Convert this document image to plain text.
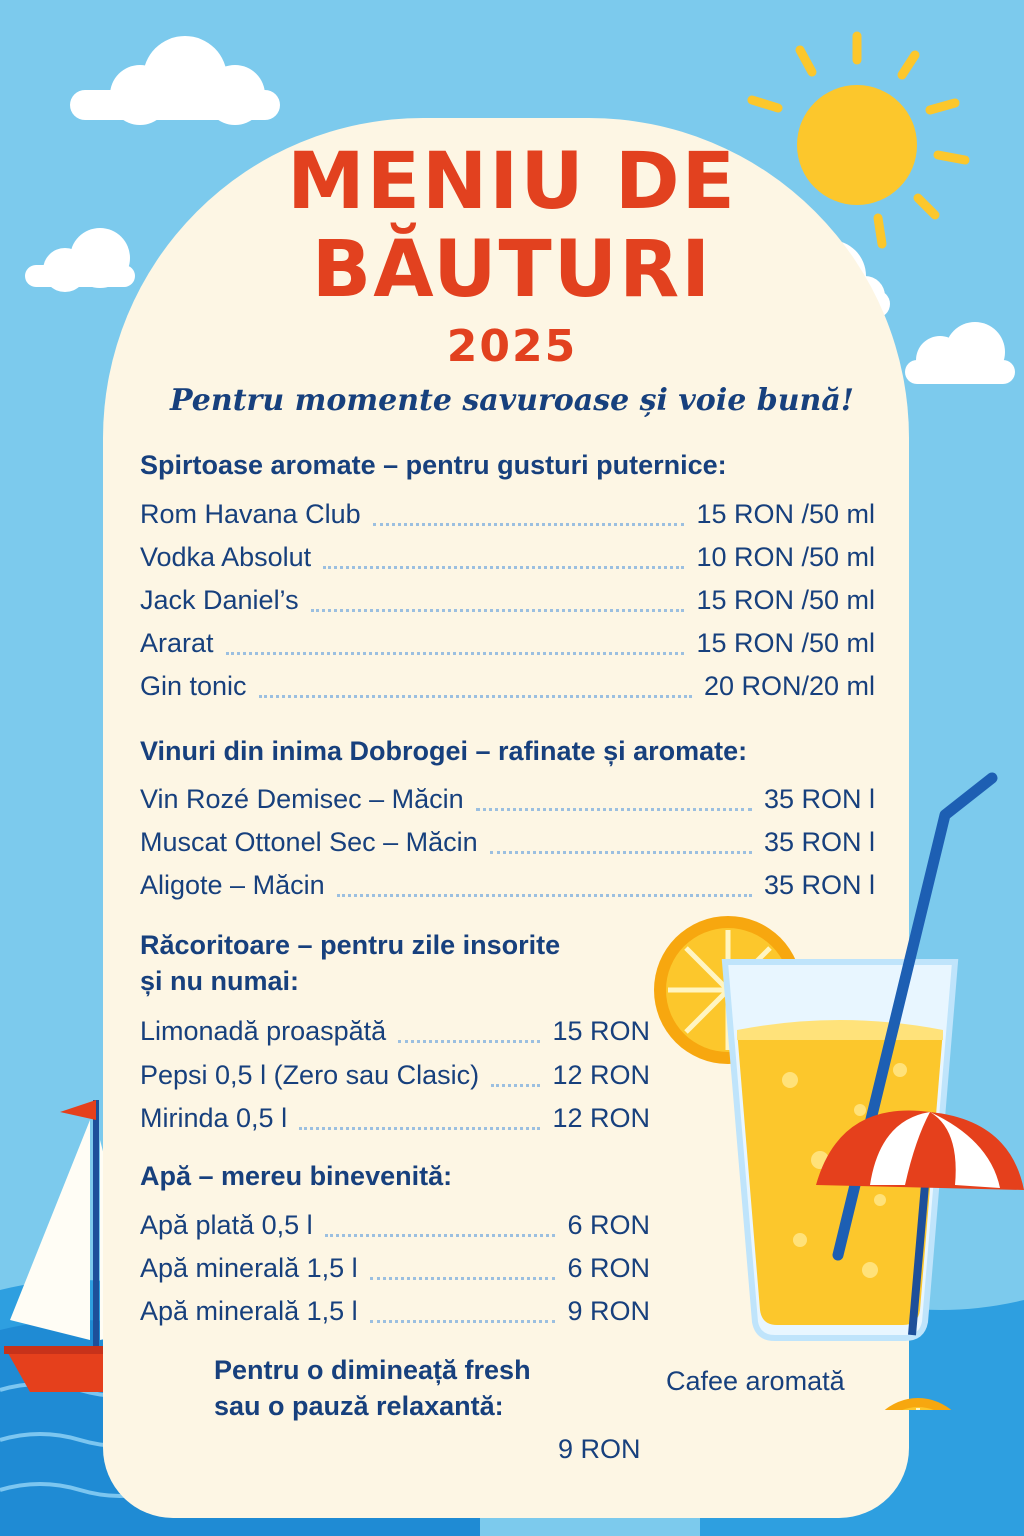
MENIU DE
BĂUTURI
2025
Pentru momente savuroase și voie bună!
Spirtoase aromate – pentru gusturi puternice:
Rom Havana Club	15 RON /50 ml
Vodka Absolut	10 RON /50 ml
Jack Daniel’s	15 RON /50 ml
Ararat	15 RON /50 ml
Gin tonic	20 RON/20 ml
Vinuri din inima Dobrogei – rafinate și aromate:
Vin Rozé Demisec – Măcin	35 RON l
Muscat Ottonel Sec – Măcin	35 RON l
Aligote – Măcin	35 RON l
Răcoritoare – pentru zile insorite
și nu numai:
Limonadă proaspătă	15 RON
Pepsi 0,5 l (Zero sau Clasic)	12 RON
Mirinda 0,5 l	12 RON
Apă – mereu binevenită:
Apă plată 0,5 l	6 RON
Apă minerală 1,5 l	6 RON
Apă minerală 1,5 l	9 RON
Pentru o dimineață fresh
sau o pauză relaxantă:
Cafee aromată
9 RON
